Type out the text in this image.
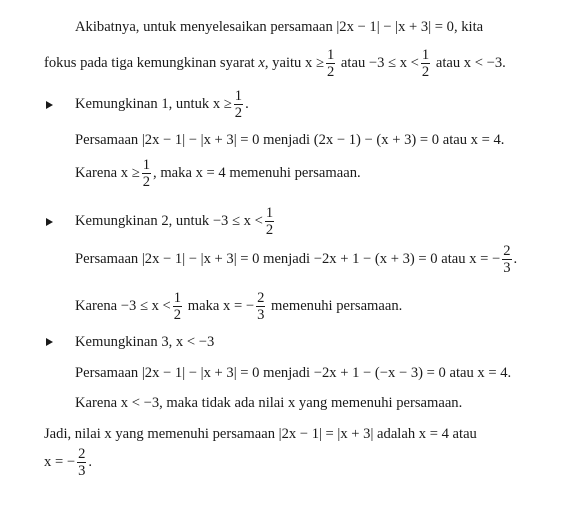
Akibatnya, untuk menyelesaikan persamaan |2x − 1| − |x + 3| = 0, kita
fokus pada tiga kemungkinan syarat x, yaitu $x \ge \frac{1}{2}$ atau $-3 \le x < \frac{1}{2}$ atau x < −3.
Kemungkinan 1, untuk $x \ge \frac{1}{2}$ .
Persamaan |2x − 1| − |x + 3| = 0 menjadi (2x − 1) − (x + 3) = 0 atau x = 4.
Karena $x \ge \frac{1}{2}$ , maka x = 4 memenuhi persamaan.
Kemungkinan 2, untuk $-3 \le x < \frac{1}{2}$
Persamaan |2x − 1| − |x + 3| = 0 menjadi −2x + 1 − (x + 3) = 0 atau x = − $\frac{2}{3}$ .
Karena $-3 \le x < \frac{1}{2}$ maka x = − $\frac{2}{3}$ memenuhi persamaan.
Kemungkinan 3, x < −3
Persamaan |2x − 1| − |x + 3| = 0 menjadi −2x + 1 − (−x − 3) = 0 atau x = 4.
Karena x < −3, maka tidak ada nilai x yang memenuhi persamaan.
Jadi, nilai x yang memenuhi persamaan |2x − 1| = |x + 3| adalah x = 4 atau
x = − $\frac{2}{3}$ .
